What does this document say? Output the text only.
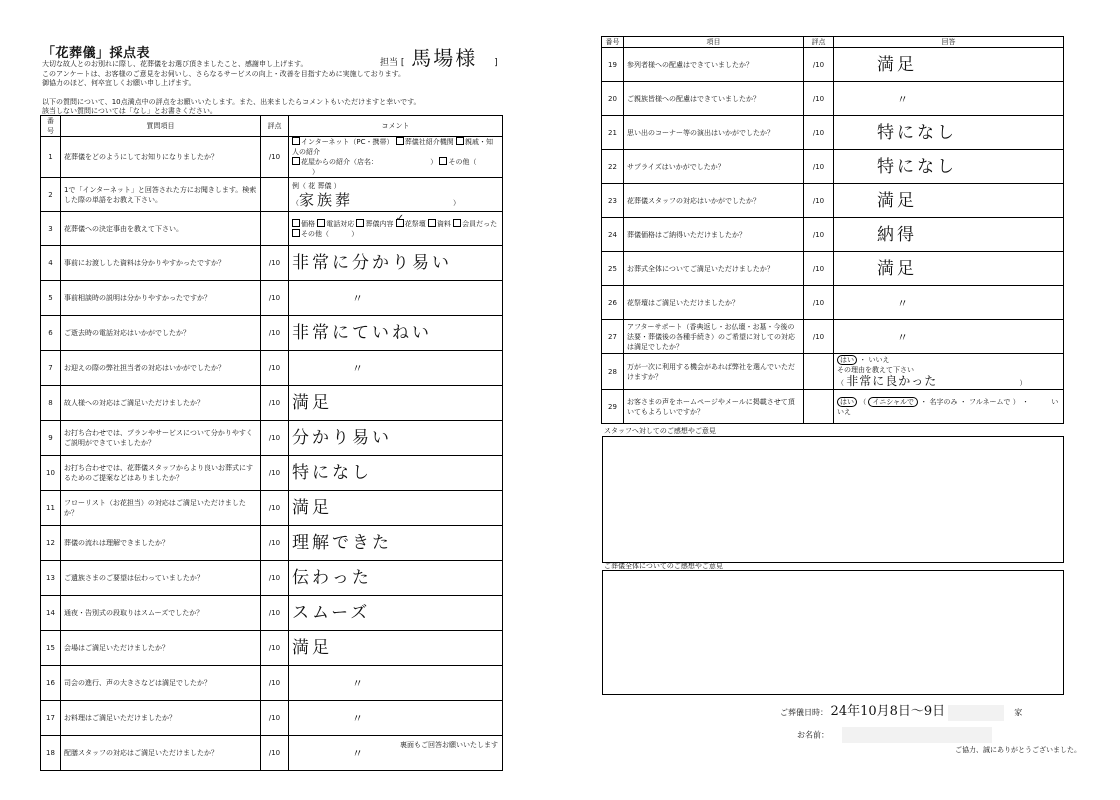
「花葬儀」採点表
担当 [ 馬場様 ]
大切な故人とのお別れに際し、花葬儀をお選び頂きましたこと、感謝申し上げます。
このアンケートは、お客様のご意見をお伺いし、さらなるサービスの向上・改善を目指すために実施しております。
御協力のほど、何卒宜しくお願い申し上げます。
以下の質問について、10点満点中の評点をお願いいたします。また、出来ましたらコメントもいただけますと幸いです。
該当しない質問については「なし」とお書きください。
番号	質問項目	評点	コメント
1	花葬儀をどのようにしてお知りになりましたか？	/10	✓インターネット（PC・携帯） 葬儀社紹介機関 親戚・知人の紹介
花屋からの紹介（店名： ） その他（ ）
2	1で「インターネット」と回答された方にお聞きします。検索した際の単語をお教え下さい。		例（ 花 葬儀 ）
（家族葬 ）

3	花葬儀への決定事由を教えて下さい。		価格 電話対応 葬儀内容 ✓ 花祭壇 資料 会員だった
その他（ ）
4	事前にお渡しした資料は分かりやすかったですか？	/10	非常に分かり易い
5	事前相談時の説明は分かりやすかったですか？	/10	〃
6	ご逝去時の電話対応はいかがでしたか？	/10	非常にていねい
7	お迎えの際の弊社担当者の対応はいかがでしたか？	/10	〃
8	故人様への対応はご満足いただけましたか？	/10	満足
9	お打ち合わせでは、プランやサービスについて分かりやすくご説明ができていましたか？	/10	分かり易い
10	お打ち合わせでは、花葬儀スタッフからより良いお葬式にするためのご提案などはありましたか？	/10	特になし
11	フローリスト（お花担当）の対応はご満足いただけましたか？	/10	満足
12	葬儀の流れは理解できましたか？	/10	理解できた
13	ご遺族さまのご要望は伝わっていましたか？	/10	伝わった
14	通夜・告別式の段取りはスムーズでしたか？	/10	スムーズ
15	会場はご満足いただけましたか？	/10	満足
16	司会の進行、声の大きさなどは満足でしたか？	/10	〃
17	お料理はご満足いただけましたか？	/10	〃
18	配膳スタッフの対応はご満足いただけましたか？	/10	〃
裏面もご回答お願いいたします
番号	項目	評点	回答
19	参列者様への配慮はできていましたか？	/10	満足
20	ご親族皆様への配慮はできていましたか？	/10	〃
21	思い出のコーナー等の演出はいかがでしたか？	/10	特になし
22	サプライズはいかがでしたか？	/10	特になし
23	花葬儀スタッフの対応はいかがでしたか？	/10	満足
24	葬儀価格はご納得いただけましたか？	/10	納得
25	お葬式全体についてご満足いただけましたか？	/10	満足
26	花祭壇はご満足いただけましたか？	/10	〃
27	アフターサポート（香典返し・お仏壇・お墓・今後の法要・葬儀後の各種手続き）のご希望に対しての対応は満足でしたか？	/10	〃
28	万が一次に利用する機会があれば弊社を選んでいただけますか？		はい ・ いいえ
その理由を教えて下さい
（ 非常に良かった ）

29	お客さまの声をホームページやメールに掲載させて頂いてもよろしいですか？		はい （ イニシャルで ・ 名字のみ ・ フルネームで ） ・ いいえ
スタッフへ対してのご感想やご意見
ご葬儀全体についてのご感想やご意見
ご葬儀日時： 24年10月8日〜9日	家
お名前：
ご協力、誠にありがとうございました。
